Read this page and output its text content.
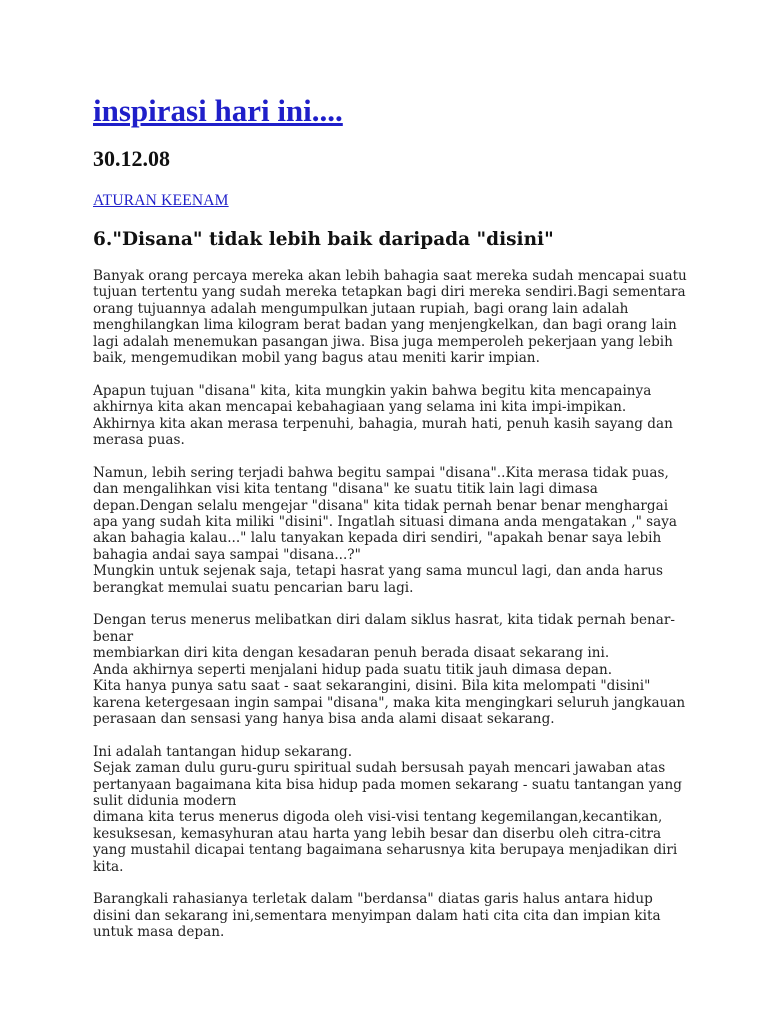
inspirasi hari ini....
30.12.08
ATURAN KEENAM
6."Disana" tidak lebih baik daripada "disini"

Banyak orang percaya mereka akan lebih bahagia saat mereka sudah mencapai suatu
tujuan tertentu yang sudah mereka tetapkan bagi diri mereka sendiri.Bagi sementara
orang tujuannya adalah mengumpulkan jutaan rupiah, bagi orang lain adalah
menghilangkan lima kilogram berat badan yang menjengkelkan, dan bagi orang lain
lagi adalah menemukan pasangan jiwa. Bisa juga memperoleh pekerjaan yang lebih
baik, mengemudikan mobil yang bagus atau meniti karir impian.

Apapun tujuan "disana" kita, kita mungkin yakin bahwa begitu kita mencapainya
akhirnya kita akan mencapai kebahagiaan yang selama ini kita impi-impikan.
Akhirnya kita akan merasa terpenuhi, bahagia, murah hati, penuh kasih sayang dan
merasa puas.

Namun, lebih sering terjadi bahwa begitu sampai "disana"..Kita merasa tidak puas,
dan mengalihkan visi kita tentang "disana" ke suatu titik lain lagi dimasa
depan.Dengan selalu mengejar "disana" kita tidak pernah benar benar menghargai
apa yang sudah kita miliki "disini". Ingatlah situasi dimana anda mengatakan ," saya
akan bahagia kalau..." lalu tanyakan kepada diri sendiri, "apakah benar saya lebih
bahagia andai saya sampai "disana...?"
Mungkin untuk sejenak saja, tetapi hasrat yang sama muncul lagi, dan anda harus
berangkat memulai suatu pencarian baru lagi.

Dengan terus menerus melibatkan diri dalam siklus hasrat, kita tidak pernah benar-
benar
membiarkan diri kita dengan kesadaran penuh berada disaat sekarang ini.
Anda akhirnya seperti menjalani hidup pada suatu titik jauh dimasa depan.
Kita hanya punya satu saat - saat sekarangini, disini. Bila kita melompati "disini"
karena ketergesaan ingin sampai "disana", maka kita mengingkari seluruh jangkauan
perasaan dan sensasi yang hanya bisa anda alami disaat sekarang.

Ini adalah tantangan hidup sekarang.
Sejak zaman dulu guru-guru spiritual sudah bersusah payah mencari jawaban atas
pertanyaan bagaimana kita bisa hidup pada momen sekarang - suatu tantangan yang
sulit didunia modern
dimana kita terus menerus digoda oleh visi-visi tentang kegemilangan,kecantikan,
kesuksesan, kemasyhuran atau harta yang lebih besar dan diserbu oleh citra-citra
yang mustahil dicapai tentang bagaimana seharusnya kita berupaya menjadikan diri
kita.

Barangkali rahasianya terletak dalam "berdansa" diatas garis halus antara hidup
disini dan sekarang ini,sementara menyimpan dalam hati cita cita dan impian kita
untuk masa depan.
